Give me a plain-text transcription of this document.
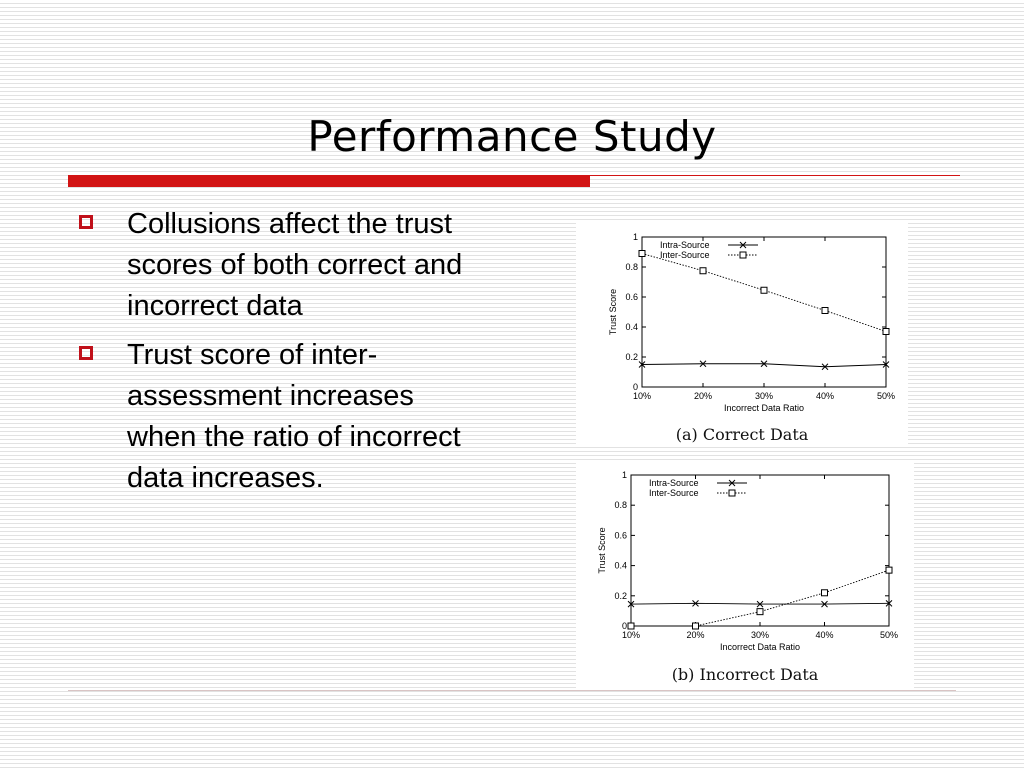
Performance Study
Collusions affect the trust scores of both correct and incorrect data
Trust score of inter-assessment increases when the ratio of incorrect data increases.
0
0.2
0.4
0.6
0.8
1
10%	20%	30%	40%	50%
Incorrect Data Ratio
Trust Score
Intra-Source
Inter-Source
(a) Correct Data
0
0.2
0.4
0.6
0.8
1
10%	20%	30%	40%	50%
Incorrect Data Ratio
Trust Score
Intra-Source
Inter-Source
(b) Incorrect Data
